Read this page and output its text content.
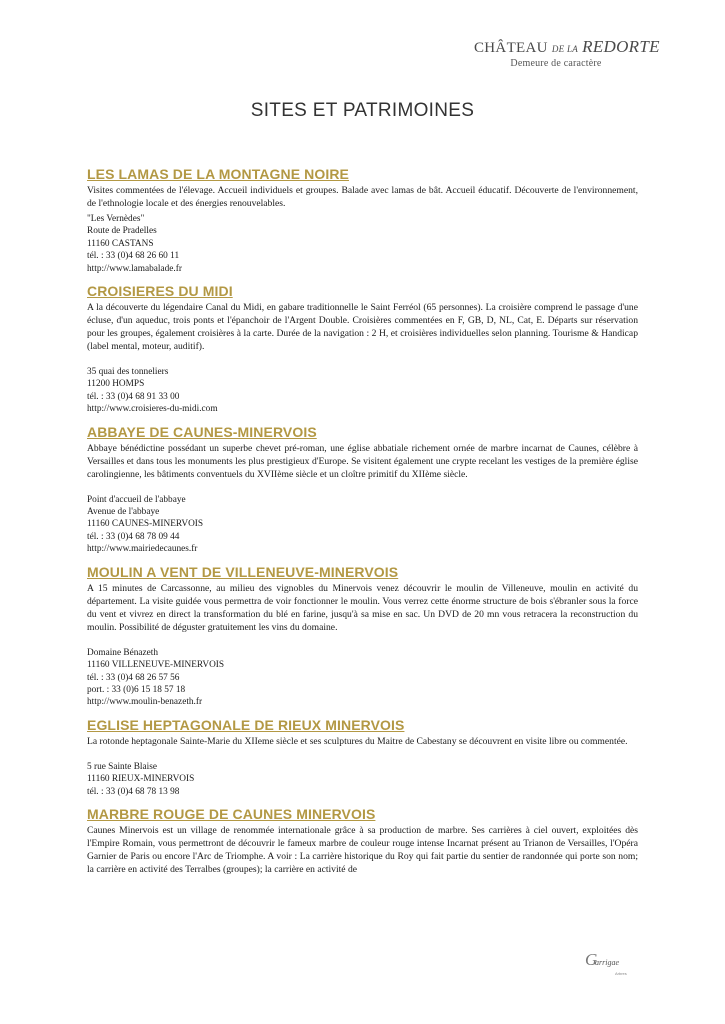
CHÂTEAU DE LA REDORTE
Demeure de caractère
SITES ET PATRIMOINES
LES LAMAS DE LA MONTAGNE NOIRE

Visites commentées de l'élevage. Accueil individuels et groupes. Balade avec lamas de bât. Accueil éducatif. Découverte de l'environnement, de l'ethnologie locale et des énergies renouvelables.

"Les Vernèdes"
Route de Pradelles
11160 CASTANS
tél. : 33 (0)4 68 26 60 11
http://www.lamabalade.fr
CROISIERES DU MIDI

A la découverte du légendaire Canal du Midi, en gabare traditionnelle le Saint Ferréol (65 personnes). La croisière comprend le passage d'une écluse, d'un aqueduc, trois ponts et l'épanchoir de l'Argent Double. Croisières commentées en F, GB, D, NL, Cat, E. Départs sur réservation pour les groupes, également croisières à la carte. Durée de la navigation : 2 H, et croisières individuelles selon planning. Tourisme & Handicap (label mental, moteur, auditif).

35 quai des tonneliers
11200 HOMPS
tél. : 33 (0)4 68 91 33 00
http://www.croisieres-du-midi.com
ABBAYE DE CAUNES-MINERVOIS

Abbaye bénédictine possédant un superbe chevet pré-roman, une église abbatiale richement ornée de marbre incarnat de Caunes, célèbre à Versailles et dans tous les monuments les plus prestigieux d'Europe. Se visitent également une crypte recelant les vestiges de la première église carolingienne, les bâtiments conventuels du XVIIème siècle et un cloître primitif du XIIème siècle.

Point d'accueil de l'abbaye
Avenue de l'abbaye
11160 CAUNES-MINERVOIS
tél. : 33 (0)4 68 78 09 44
http://www.mairiedecaunes.fr
MOULIN A VENT DE VILLENEUVE-MINERVOIS

A 15 minutes de Carcassonne, au milieu des vignobles du Minervois venez découvrir le moulin de Villeneuve, moulin en activité du département. La visite guidée vous permettra de voir fonctionner le moulin. Vous verrez cette énorme structure de bois s'ébranler sous la force du vent et vivrez en direct la transformation du blé en farine, jusqu'à sa mise en sac. Un DVD de 20 mn vous retracera la reconstruction du moulin. Possibilité de déguster gratuitement les vins du domaine.

Domaine Bénazeth
11160 VILLENEUVE-MINERVOIS
tél. : 33 (0)4 68 26 57 56
port. : 33 (0)6 15 18 57 18
http://www.moulin-benazeth.fr
EGLISE HEPTAGONALE DE RIEUX MINERVOIS

La rotonde heptagonale Sainte-Marie du XIIeme siècle et ses sculptures du Maitre de Cabestany se découvrent en visite libre ou commentée.

5 rue Sainte Blaise
11160 RIEUX-MINERVOIS
tél. : 33 (0)4 68 78 13 98
MARBRE ROUGE DE CAUNES MINERVOIS

Caunes Minervois est un village de renommée internationale grâce à sa production de marbre. Ses carrières à ciel ouvert, exploitées dès l'Empire Romain, vous permettront de découvrir le fameux marbre de couleur rouge intense Incarnat présent au Trianon de Versailles, l'Opéra Garnier de Paris ou encore l'Arc de Triomphe. A voir : La carrière historique du Roy qui fait partie du sentier de randonnée qui porte son nom; la carrière en activité des Terralbes (groupes); la carrière en activité de

G
arrigae
Arbres
